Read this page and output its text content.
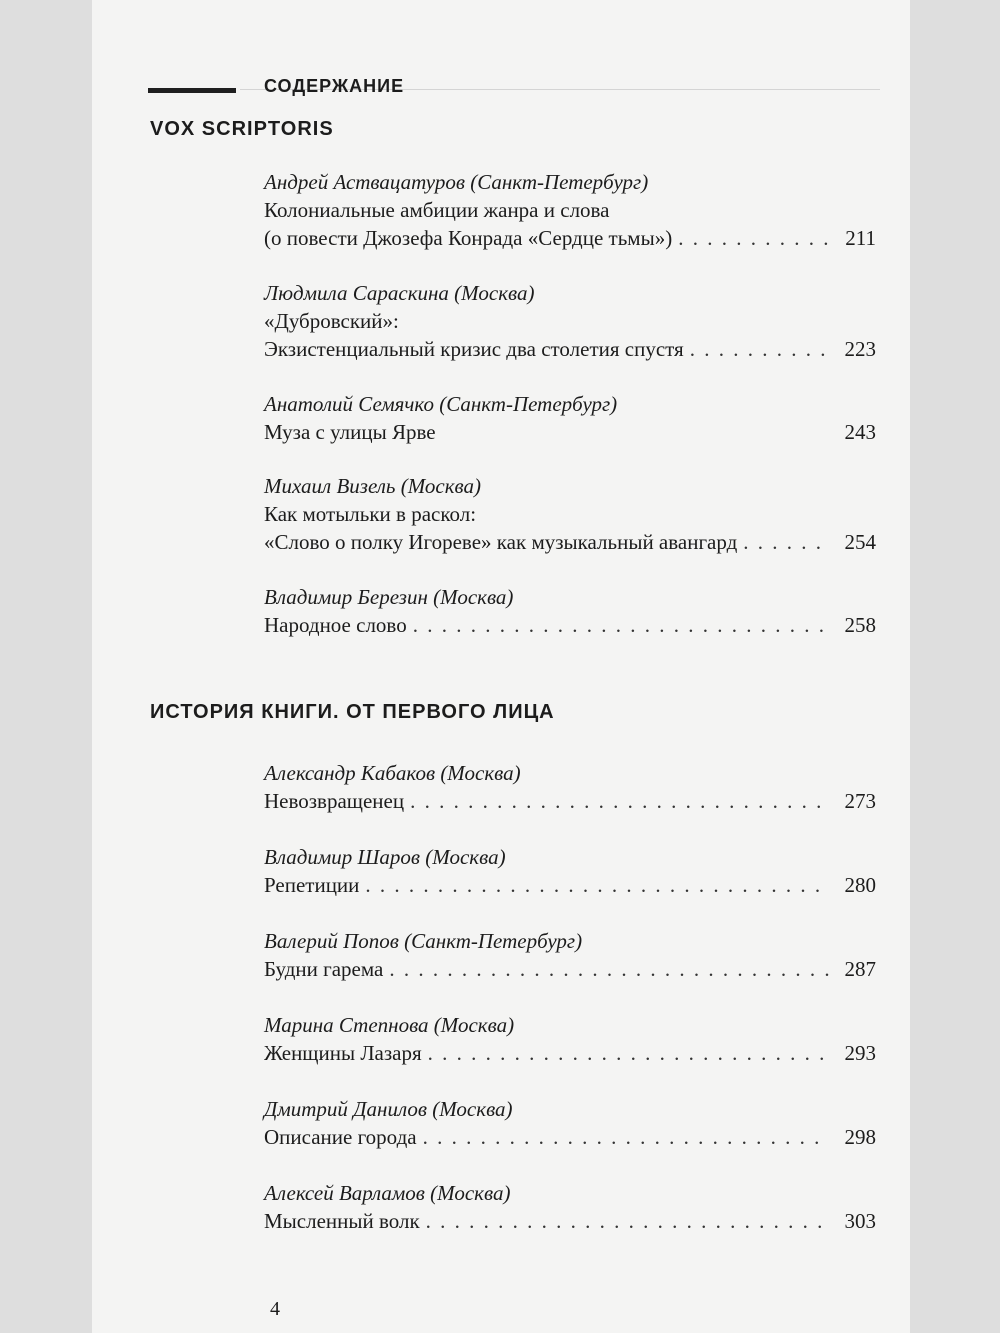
СОДЕРЖАНИЕ
VOX SCRIPTORIS
Андрей Аствацатуров (Санкт-Петербург)
Колониальные амбиции жанра и слова
(о повести Джозефа Конрада «Сердце тьмы») . . .	211
Людмила Сараскина (Москва)
«Дубровский»:
Экзистенциальный кризис два столетия спустя . . .	223
Анатолий Семячко (Санкт-Петербург)
Муза с улицы Ярве	243
Михаил Визель (Москва)
Как мотыльки в раскол:
«Слово о полку Игореве» как музыкальный авангард . . .	254
Владимир Березин (Москва)
Народное слово . . .	258
ИСТОРИЯ КНИГИ. ОТ ПЕРВОГО ЛИЦА
Александр Кабаков (Москва)
Невозвращенец . . .	273
Владимир Шаров (Москва)
Репетиции . . .	280
Валерий Попов (Санкт-Петербург)
Будни гарема . . .	287
Марина Степнова (Москва)
Женщины Лазаря . . .	293
Дмитрий Данилов (Москва)
Описание города . . .	298
Алексей Варламов (Москва)
Мысленный волк . . .	303
4
